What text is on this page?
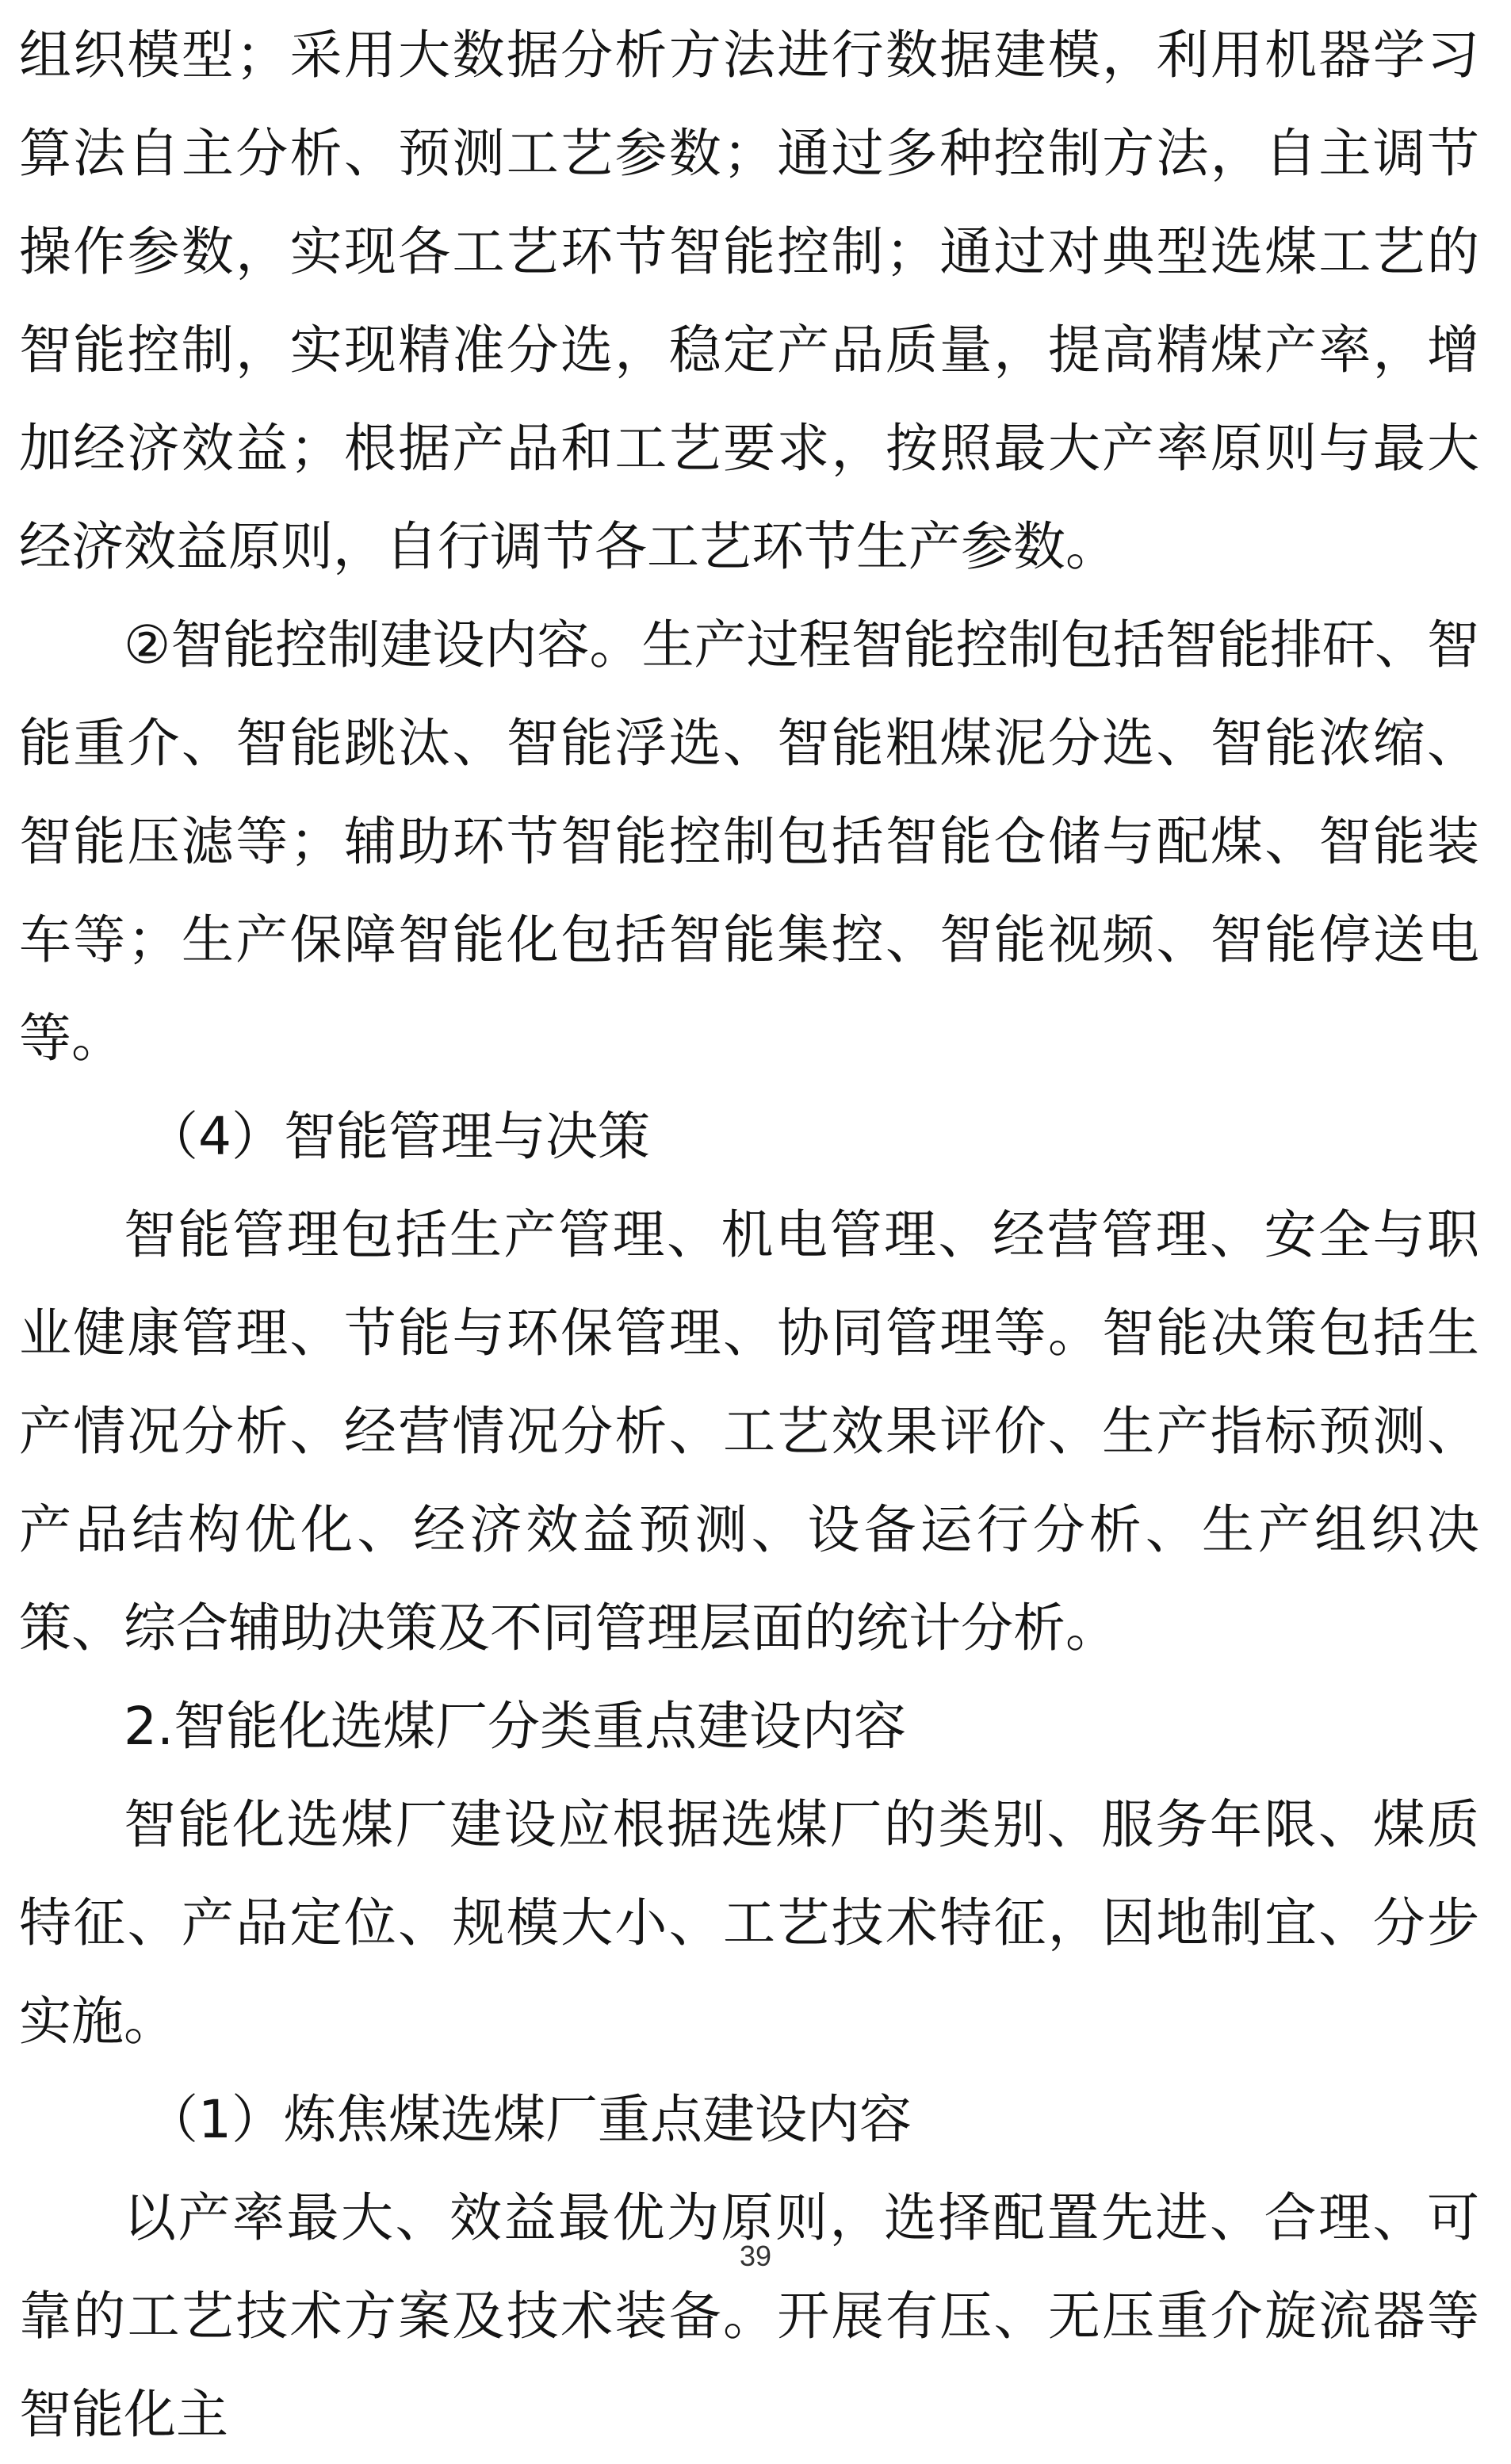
组织模型；采用大数据分析方法进行数据建模，利用机器学习算法自主分析、预测工艺参数；通过多种控制方法，自主调节操作参数，实现各工艺环节智能控制；通过对典型选煤工艺的智能控制，实现精准分选，稳定产品质量，提高精煤产率，增加经济效益；根据产品和工艺要求，按照最大产率原则与最大经济效益原则，自行调节各工艺环节生产参数。

②智能控制建设内容。生产过程智能控制包括智能排矸、智能重介、智能跳汰、智能浮选、智能粗煤泥分选、智能浓缩、智能压滤等；辅助环节智能控制包括智能仓储与配煤、智能装车等；生产保障智能化包括智能集控、智能视频、智能停送电等。

（4）智能管理与决策

智能管理包括生产管理、机电管理、经营管理、安全与职业健康管理、节能与环保管理、协同管理等。智能决策包括生产情况分析、经营情况分析、工艺效果评价、生产指标预测、产品结构优化、经济效益预测、设备运行分析、生产组织决策、综合辅助决策及不同管理层面的统计分析。

2.智能化选煤厂分类重点建设内容

智能化选煤厂建设应根据选煤厂的类别、服务年限、煤质特征、产品定位、规模大小、工艺技术特征，因地制宜、分步实施。

（1）炼焦煤选煤厂重点建设内容

以产率最大、效益最优为原则，选择配置先进、合理、可靠的工艺技术方案及技术装备。开展有压、无压重介旋流器等智能化主

39
